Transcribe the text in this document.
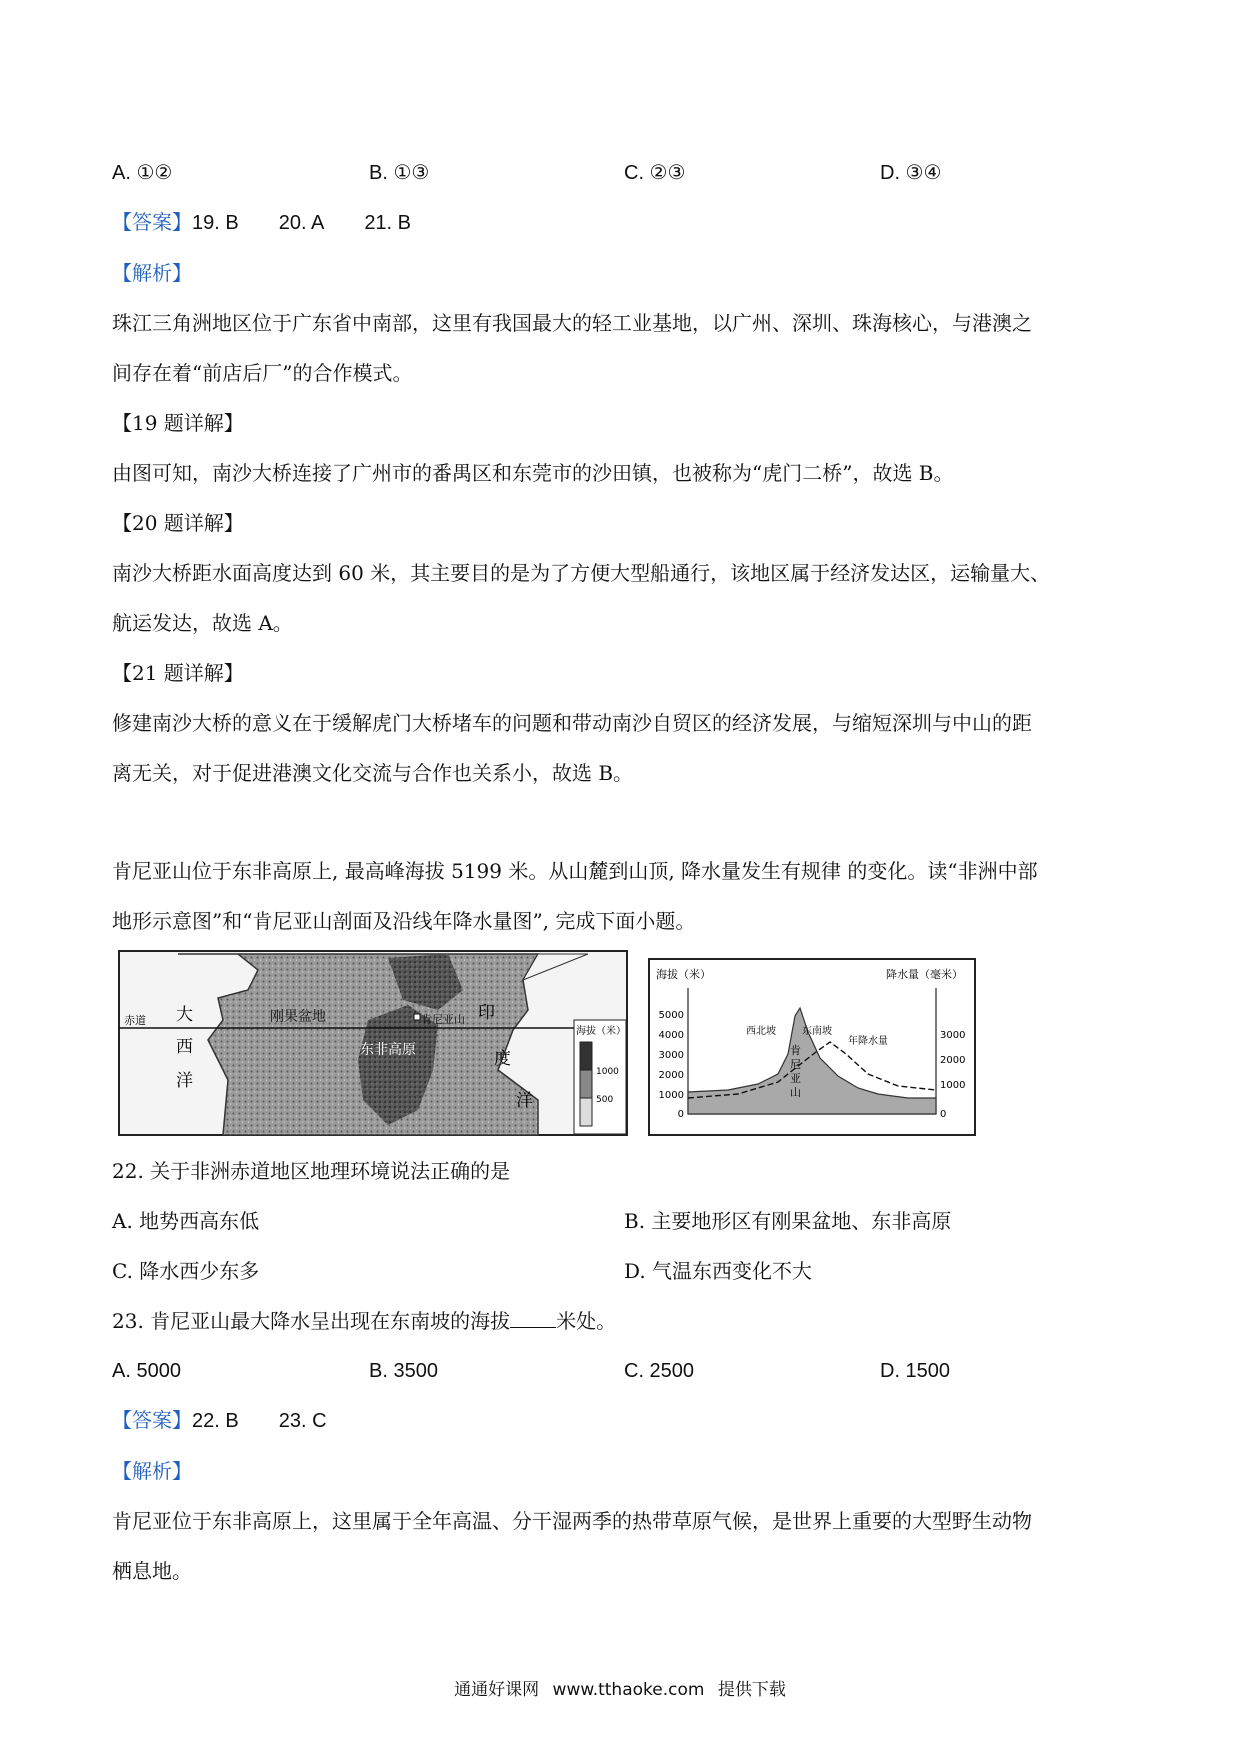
A. ①②	B. ①③	C. ②③	D. ③④
【答案】19. B 20. A 21. B
【解析】
珠江三角洲地区位于广东省中南部，这里有我国最大的轻工业基地，以广州、深圳、珠海核心，与港澳之
间存在着“前店后厂”的合作模式。
【19 题详解】
由图可知，南沙大桥连接了广州市的番禺区和东莞市的沙田镇，也被称为“虎门二桥”，故选 B。
【20 题详解】
南沙大桥距水面高度达到 60 米，其主要目的是为了方便大型船通行，该地区属于经济发达区，运输量大、
航运发达，故选 A。
【21 题详解】
修建南沙大桥的意义在于缓解虎门大桥堵车的问题和带动南沙自贸区的经济发展，与缩短深圳与中山的距
离无关，对于促进港澳文化交流与合作也关系小，故选 B。
肯尼亚山位于东非高原上, 最高峰海拔 5199 米。从山麓到山顶, 降水量发生有规律 的变化。读“非洲中部
地形示意图”和“肯尼亚山剖面及沿线年降水量图”, 完成下面小题。
赤道 大
西
洋
刚果盆地
东非高原
肯尼亚山 印
度
洋
海拔（米）
1000
500
海拔（米）	降水量（毫米）
5000
4000
3000
2000
1000
0
3000
2000
1000
0
西北坡	东南坡
年降水量
肯
尼
亚
山
22. 关于非洲赤道地区地理环境说法正确的是
A. 地势西高东低	B. 主要地形区有刚果盆地、东非高原
C. 降水西少东多	D. 气温东西变化不大
23. 肯尼亚山最大降水呈出现在东南坡的海拔 米处。
A. 5000	B. 3500	C. 2500	D. 1500
【答案】22. B 23. C
【解析】
肯尼亚位于东非高原上，这里属于全年高温、分干湿两季的热带草原气候，是世界上重要的大型野生动物
栖息地。
通通好课网 www.tthaoke.com 提供下载
